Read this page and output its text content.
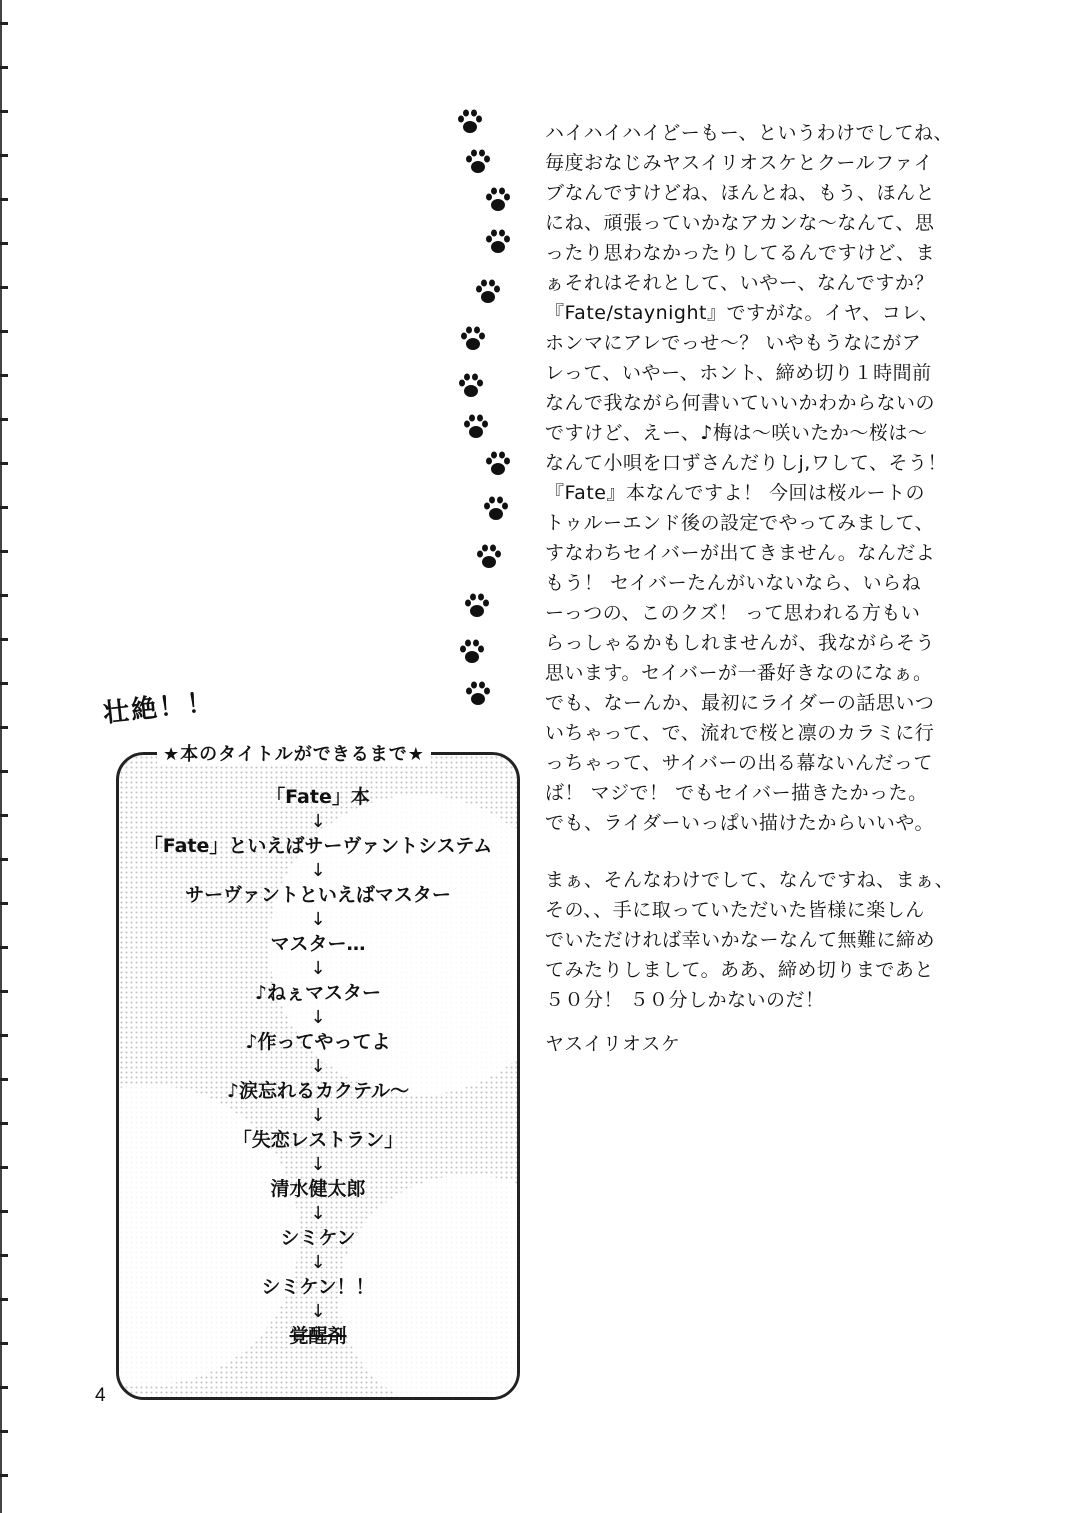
ハイハイハイどーもー、というわけでしてね、
毎度おなじみヤスイリオスケとクールファイ
ブなんですけどね、ほんとね、もう、ほんと
にね、頑張っていかなアカンな～なんて、思
ったり思わなかったりしてるんですけど、ま
ぁそれはそれとして、いやー、なんですか？
『Fate/staynight』ですがな。イヤ、コレ、
ホンマにアレでっせ～？ いやもうなにがア
レって、いやー、ホント、締め切り１時間前
なんで我ながら何書いていいかわからないの
ですけど、えー、♪梅は～咲いたか～桜は～
なんて小唄を口ずさんだりしj,ワして、そう！
『Fate』本なんですよ！ 今回は桜ルートの
トゥルーエンド後の設定でやってみまして、
すなわちセイバーが出てきません。なんだよ
もう！ セイバーたんがいないなら、いらね
ーっつの、このクズ！ って思われる方もい
らっしゃるかもしれませんが、我ながらそう
思います。セイバーが一番好きなのになぁ。
でも、なーんか、最初にライダーの話思いつ
いちゃって、で、流れで桜と凛のカラミに行
っちゃって、サイバーの出る幕ないんだって
ば！ マジで！ でもセイバー描きたかった。
でも、ライダーいっぱい描けたからいいや。
まぁ、そんなわけでして、なんですね、まぁ、
その、、手に取っていただいた皆様に楽しん
でいただければ幸いかなーなんて無難に締め
てみたりしまして。ああ、締め切りまであと
５０分！ ５０分しかないのだ！
ヤスイリオスケ
壮絶！！
★本のタイトルができるまで★
「Fate」本
↓
「Fate」といえばサーヴァントシステム
↓
サーヴァントといえばマスター
↓
マスター…
↓
♪ねぇマスター
↓
♪作ってやってよ
↓
♪涙忘れるカクテル～
↓
「失恋レストラン」
↓
清水健太郎
↓
シミケン
↓
シミケン！！
↓
覚醒剤
4
